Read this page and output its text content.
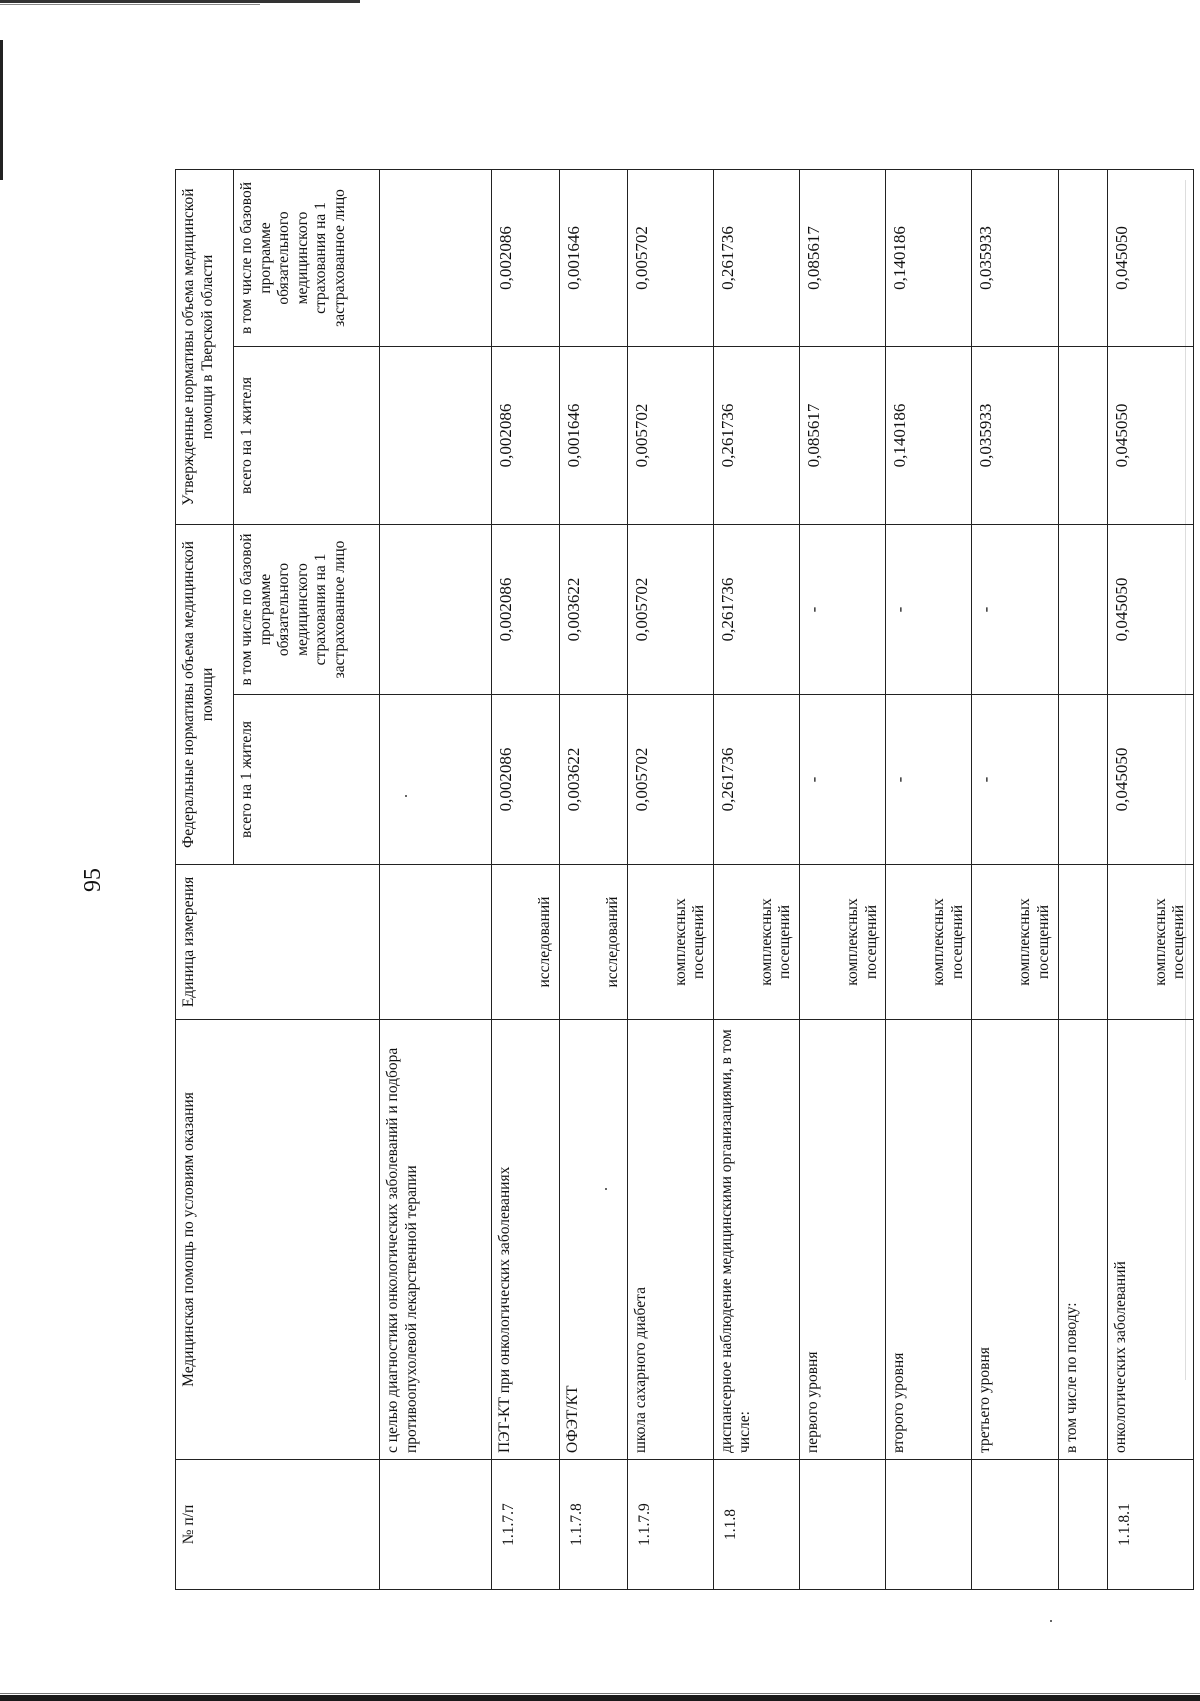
95
№ п/п	Медицинская помощь по условиям оказания	Единица измерения	Федеральные нормативы объема медицинской помощи		Утвержденные нормативы объема медицинской помощи в Тверской области	
			всего на 1 жителя	в том числе по базовой программе обязательного медицинского страхования на 1 застрахованное лицо	всего на 1 жителя	в том числе по базовой программе обязательного медицинского страхования на 1 застрахованное лицо
	с целью диагностики онкологических заболеваний и подбора противоопухолевой лекарственной терапии					
1.1.7.7	ПЭТ-КТ при онкологических заболеваниях	исследований	0,002086	0,002086	0,002086	0,002086
1.1.7.8	ОФЭТ/КТ	исследований	0,003622	0,003622	0,001646	0,001646
1.1.7.9	школа сахарного диабета	комплексных посещений	0,005702	0,005702	0,005702	0,005702
1.1.8	диспансерное наблюдение медицинскими организациями, в том числе:	комплексных посещений	0,261736	0,261736	0,261736	0,261736
	первого уровня	комплексных посещений	-	-	0,085617	0,085617
	второго уровня	комплексных посещений	-	-	0,140186	0,140186
	третьего уровня	комплексных посещений	-	-	0,035933	0,035933
	в том числе по поводу:					
1.1.8.1	онкологических заболеваний	комплексных посещений	0,045050	0,045050	0,045050	0,045050
